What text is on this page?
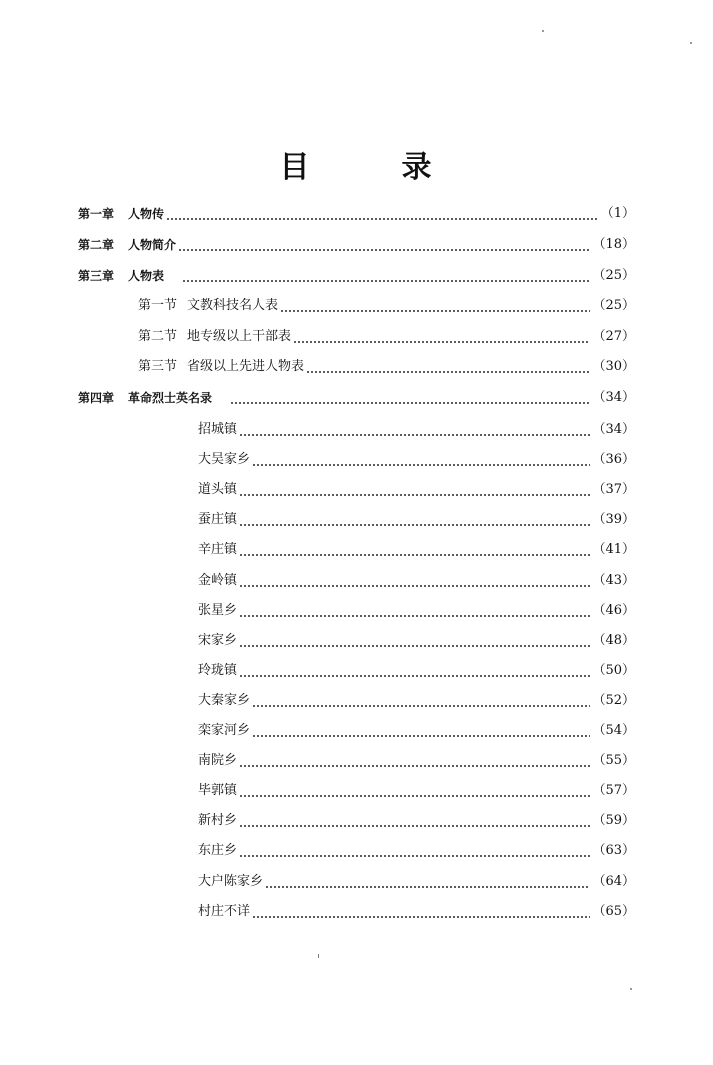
目	录
第一章 人物传	（1）
第二章 人物简介	（18）
第三章 人物表	（25）
第一节 文教科技名人表	（25）
第二节 地专级以上干部表	（27）
第三节 省级以上先进人物表	（30）
第四章 革命烈士英名录	（34）
招城镇	（34）
大吴家乡	（36）
道头镇	（37）
蚕庄镇	（39）
辛庄镇	（41）
金岭镇	（43）
张星乡	（46）
宋家乡	（48）
玲珑镇	（50）
大秦家乡	（52）
栾家河乡	（54）
南院乡	（55）
毕郭镇	（57）
新村乡	（59）
东庄乡	（63）
大户陈家乡	（64）
村庄不详	（65）
